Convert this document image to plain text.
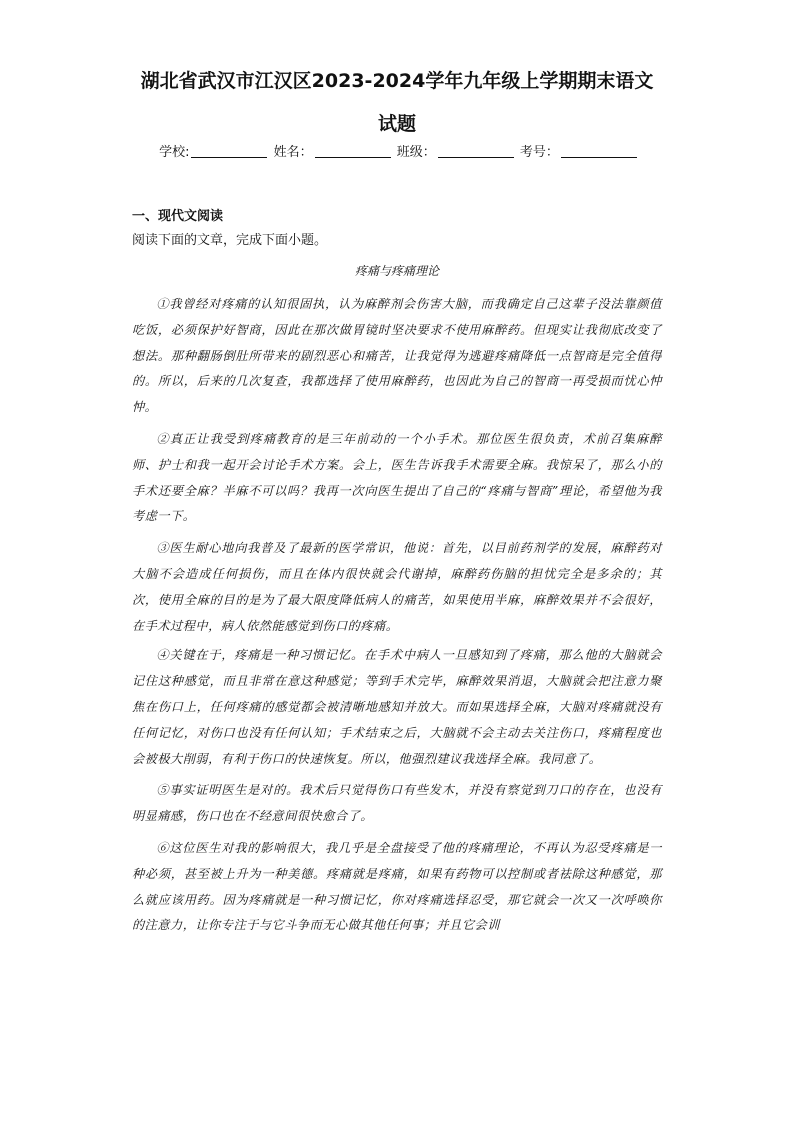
湖北省武汉市江汉区2023-2024学年九年级上学期期末语文
试题
学校:	姓名：	班级：	考号：
一、现代文阅读
阅读下面的文章，完成下面小题。
疼痛与疼痛理论

①我曾经对疼痛的认知很固执，认为麻醉剂会伤害大脑，而我确定自己这辈子没法靠颜值吃饭，必须保护好智商，因此在那次做胃镜时坚决要求不使用麻醉药。但现实让我彻底改变了想法。那种翻肠倒肚所带来的剧烈恶心和痛苦，让我觉得为逃避疼痛降低一点智商是完全值得的。所以，后来的几次复查，我都选择了使用麻醉药，也因此为自己的智商一再受损而忧心忡忡。

②真正让我受到疼痛教育的是三年前动的一个小手术。那位医生很负责，术前召集麻醉师、护士和我一起开会讨论手术方案。会上，医生告诉我手术需要全麻。我惊呆了，那么小的手术还要全麻？半麻不可以吗？我再一次向医生提出了自己的“疼痛与智商”理论，希望他为我考虑一下。

③医生耐心地向我普及了最新的医学常识，他说：首先，以目前药剂学的发展，麻醉药对大脑不会造成任何损伤，而且在体内很快就会代谢掉，麻醉药伤脑的担忧完全是多余的；其次，使用全麻的目的是为了最大限度降低病人的痛苦，如果使用半麻，麻醉效果并不会很好，在手术过程中，病人依然能感觉到伤口的疼痛。

④关键在于，疼痛是一种习惯记忆。在手术中病人一旦感知到了疼痛，那么他的大脑就会记住这种感觉，而且非常在意这种感觉；等到手术完毕，麻醉效果消退，大脑就会把注意力聚焦在伤口上，任何疼痛的感觉都会被清晰地感知并放大。而如果选择全麻，大脑对疼痛就没有任何记忆，对伤口也没有任何认知；手术结束之后，大脑就不会主动去关注伤口，疼痛程度也会被极大削弱，有利于伤口的快速恢复。所以，他强烈建议我选择全麻。我同意了。

⑤事实证明医生是对的。我术后只觉得伤口有些发木，并没有察觉到刀口的存在，也没有明显痛感，伤口也在不经意间很快愈合了。

⑥这位医生对我的影响很大，我几乎是全盘接受了他的疼痛理论，不再认为忍受疼痛是一种必须，甚至被上升为一种美德。疼痛就是疼痛，如果有药物可以控制或者祛除这种感觉，那么就应该用药。因为疼痛就是一种习惯记忆，你对疼痛选择忍受，那它就会一次又一次呼唤你的注意力，让你专注于与它斗争而无心做其他任何事；并且它会训
